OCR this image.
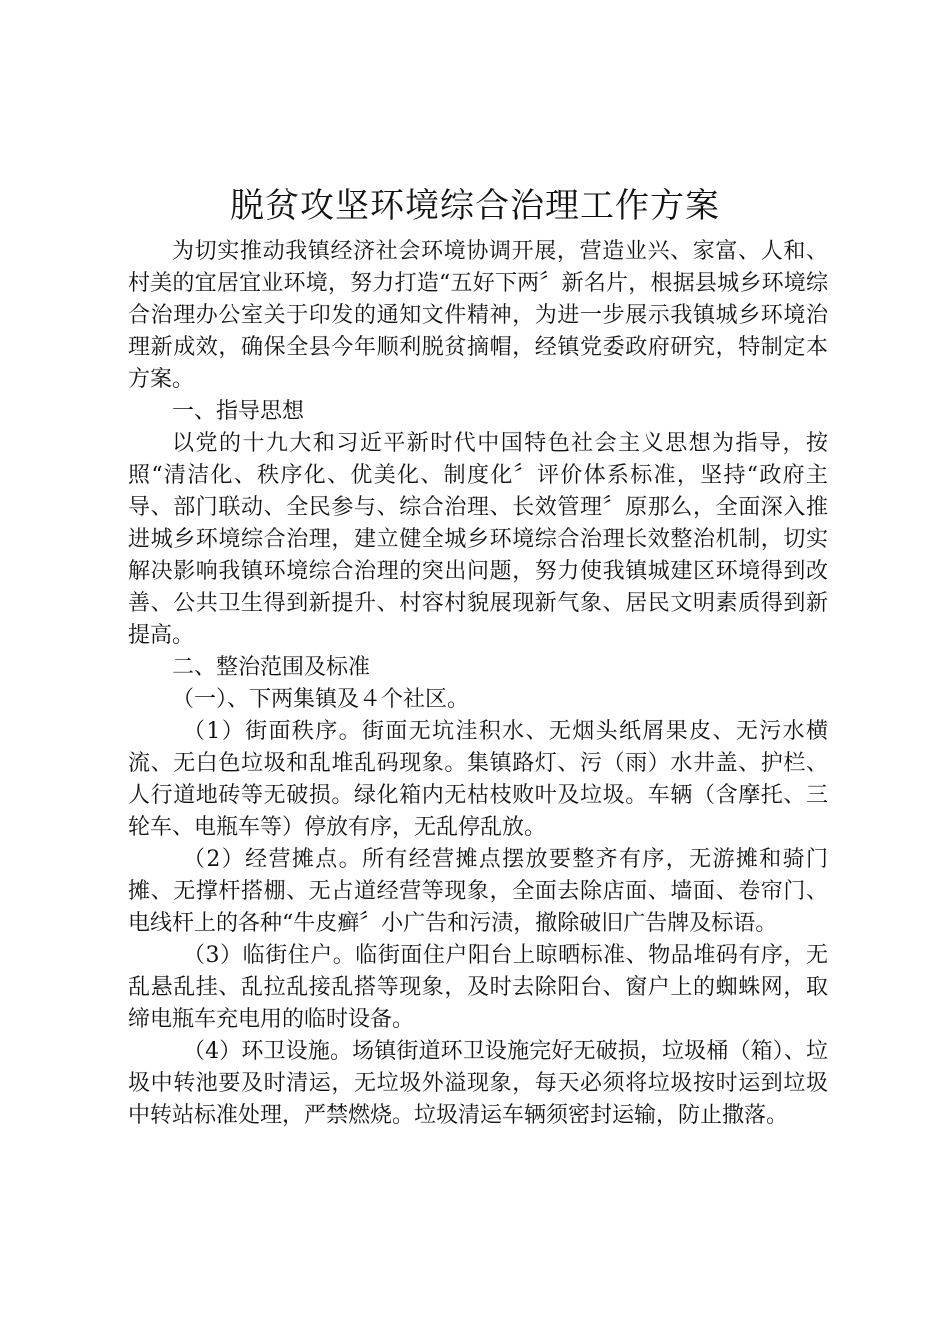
脱贫攻坚环境综合治理工作方案

为切实推动我镇经济社会环境协调开展，营造业兴、家富、人和、村美的宜居宜业环境，努力打造“五好下两〞新名片，根据县城乡环境综合治理办公室关于印发的通知文件精神，为进一步展示我镇城乡环境治理新成效，确保全县今年顺利脱贫摘帽，经镇党委政府研究，特制定本方案。

一、指导思想

以党的十九大和习近平新时代中国特色社会主义思想为指导，按照“清洁化、秩序化、优美化、制度化〞评价体系标准，坚持“政府主导、部门联动、全民参与、综合治理、长效管理〞原那么，全面深入推进城乡环境综合治理，建立健全城乡环境综合治理长效整治机制，切实解决影响我镇环境综合治理的突出问题，努力使我镇城建区环境得到改善、公共卫生得到新提升、村容村貌展现新气象、居民文明素质得到新提高。

二、整治范围及标准

（一）、下两集镇及４个社区。

（1）街面秩序。街面无坑洼积水、无烟头纸屑果皮、无污水横流、无白色垃圾和乱堆乱码现象。集镇路灯、污（雨）水井盖、护栏、人行道地砖等无破损。绿化箱内无枯枝败叶及垃圾。车辆（含摩托、三轮车、电瓶车等）停放有序，无乱停乱放。

（2）经营摊点。所有经营摊点摆放要整齐有序，无游摊和骑门摊、无撑杆搭棚、无占道经营等现象，全面去除店面、墙面、卷帘门、电线杆上的各种“牛皮癣〞小广告和污渍，撤除破旧广告牌及标语。

（3）临街住户。临街面住户阳台上晾晒标准、物品堆码有序，无乱悬乱挂、乱拉乱接乱搭等现象，及时去除阳台、窗户上的蜘蛛网，取缔电瓶车充电用的临时设备。

（4）环卫设施。场镇街道环卫设施完好无破损，垃圾桶（箱）、垃圾中转池要及时清运，无垃圾外溢现象，每天必须将垃圾按时运到垃圾中转站标准处理，严禁燃烧。垃圾清运车辆须密封运输，防止撒落。
